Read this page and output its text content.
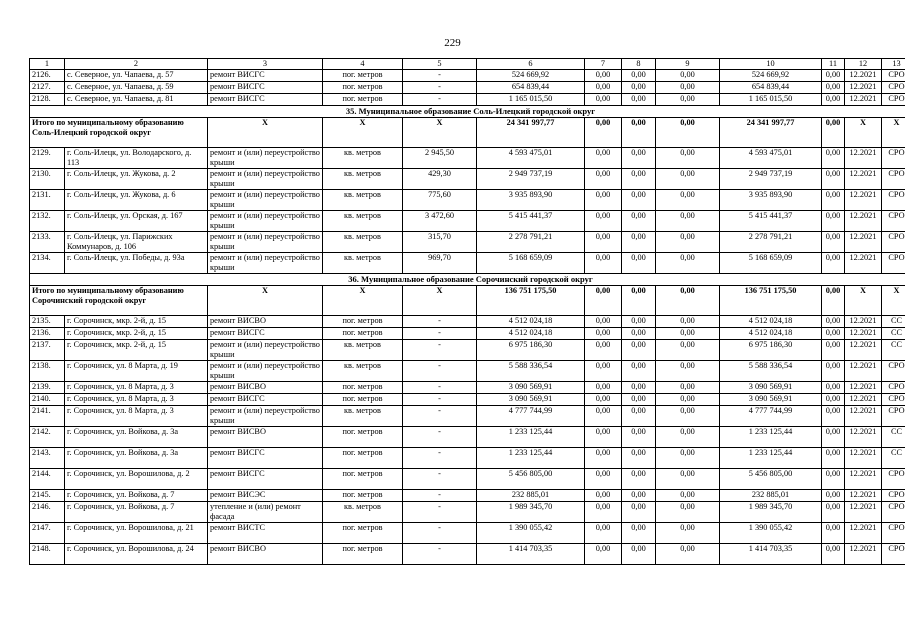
229
1	2	3	4	5	6	7	8	9	10	11	12	13
2126.	с. Северное, ул. Чапаева, д. 57	ремонт ВИСГС	пог. метров	-	524 669,92	0,00	0,00	0,00	524 669,92	0,00	12.2021	СРО
2127.	с. Северное, ул. Чапаева, д. 59	ремонт ВИСГС	пог. метров	-	654 839,44	0,00	0,00	0,00	654 839,44	0,00	12.2021	СРО
2128.	с. Северное, ул. Чапаева, д. 81	ремонт ВИСГС	пог. метров	-	1 165 015,50	0,00	0,00	0,00	1 165 015,50	0,00	12.2021	СРО
35. Муниципальное образование Соль-Илецкий городской округ												
Итого по муниципальному образованию Соль-Илецкий городской округ		X	X	X	24 341 997,77	0,00	0,00	0,00	24 341 997,77	0,00	X	X
2129.	г. Соль-Илецк, ул. Володарского, д. 113	ремонт и (или) переустройство крыши	кв. метров	2 945,50	4 593 475,01	0,00	0,00	0,00	4 593 475,01	0,00	12.2021	СРО
2130.	г. Соль-Илецк, ул. Жукова, д. 2	ремонт и (или) переустройство крыши	кв. метров	429,30	2 949 737,19	0,00	0,00	0,00	2 949 737,19	0,00	12.2021	СРО
2131.	г. Соль-Илецк, ул. Жукова, д. 6	ремонт и (или) переустройство крыши	кв. метров	775,60	3 935 893,90	0,00	0,00	0,00	3 935 893,90	0,00	12.2021	СРО
2132.	г. Соль-Илецк, ул. Орская, д. 167	ремонт и (или) переустройство крыши	кв. метров	3 472,60	5 415 441,37	0,00	0,00	0,00	5 415 441,37	0,00	12.2021	СРО
2133.	г. Соль-Илецк, ул. Парижских Коммунаров, д. 106	ремонт и (или) переустройство крыши	кв. метров	315,70	2 278 791,21	0,00	0,00	0,00	2 278 791,21	0,00	12.2021	СРО
2134.	г. Соль-Илецк, ул. Победы, д. 93а	ремонт и (или) переустройство крыши	кв. метров	969,70	5 168 659,09	0,00	0,00	0,00	5 168 659,09	0,00	12.2021	СРО
36. Муниципальное образование Сорочинский городской округ												
Итого по муниципальному образованию Сорочинский городской округ		X	X	X	136 751 175,50	0,00	0,00	0,00	136 751 175,50	0,00	X	X
2135.	г. Сорочинск, мкр. 2-й, д. 15	ремонт ВИСВО	пог. метров	-	4 512 024,18	0,00	0,00	0,00	4 512 024,18	0,00	12.2021	СС
2136.	г. Сорочинск, мкр. 2-й, д. 15	ремонт ВИСГС	пог. метров	-	4 512 024,18	0,00	0,00	0,00	4 512 024,18	0,00	12.2021	СС
2137.	г. Сорочинск, мкр. 2-й, д. 15	ремонт и (или) переустройство крыши	кв. метров	-	6 975 186,30	0,00	0,00	0,00	6 975 186,30	0,00	12.2021	СС
2138.	г. Сорочинск, ул. 8 Марта, д. 19	ремонт и (или) переустройство крыши	кв. метров	-	5 588 336,54	0,00	0,00	0,00	5 588 336,54	0,00	12.2021	СРО
2139.	г. Сорочинск, ул. 8 Марта, д. 3	ремонт ВИСВО	пог. метров	-	3 090 569,91	0,00	0,00	0,00	3 090 569,91	0,00	12.2021	СРО
2140.	г. Сорочинск, ул. 8 Марта, д. 3	ремонт ВИСГС	пог. метров	-	3 090 569,91	0,00	0,00	0,00	3 090 569,91	0,00	12.2021	СРО
2141.	г. Сорочинск, ул. 8 Марта, д. 3	ремонт и (или) переустройство крыши	кв. метров	-	4 777 744,99	0,00	0,00	0,00	4 777 744,99	0,00	12.2021	СРО
2142.	г. Сорочинск, ул. Войкова, д. 3а	ремонт ВИСВО	пог. метров	-	1 233 125,44	0,00	0,00	0,00	1 233 125,44	0,00	12.2021	СС
2143.	г. Сорочинск, ул. Войкова, д. 3а	ремонт ВИСГС	пог. метров	-	1 233 125,44	0,00	0,00	0,00	1 233 125,44	0,00	12.2021	СС
2144.	г. Сорочинск, ул. Ворошилова, д. 2	ремонт ВИСГС	пог. метров	-	5 456 805,00	0,00	0,00	0,00	5 456 805,00	0,00	12.2021	СРО
2145.	г. Сорочинск, ул. Войкова, д. 7	ремонт ВИСЭС	пог. метров	-	232 885,01	0,00	0,00	0,00	232 885,01	0,00	12.2021	СРО
2146.	г. Сорочинск, ул. Войкова, д. 7	утепление и (или) ремонт фасада	кв. метров	-	1 989 345,70	0,00	0,00	0,00	1 989 345,70	0,00	12.2021	СРО
2147.	г. Сорочинск, ул. Ворошилова, д. 21	ремонт ВИСТС	пог. метров	-	1 390 055,42	0,00	0,00	0,00	1 390 055,42	0,00	12.2021	СРО
2148.	г. Сорочинск, ул. Ворошилова, д. 24	ремонт ВИСВО	пог. метров	-	1 414 703,35	0,00	0,00	0,00	1 414 703,35	0,00	12.2021	СРО
